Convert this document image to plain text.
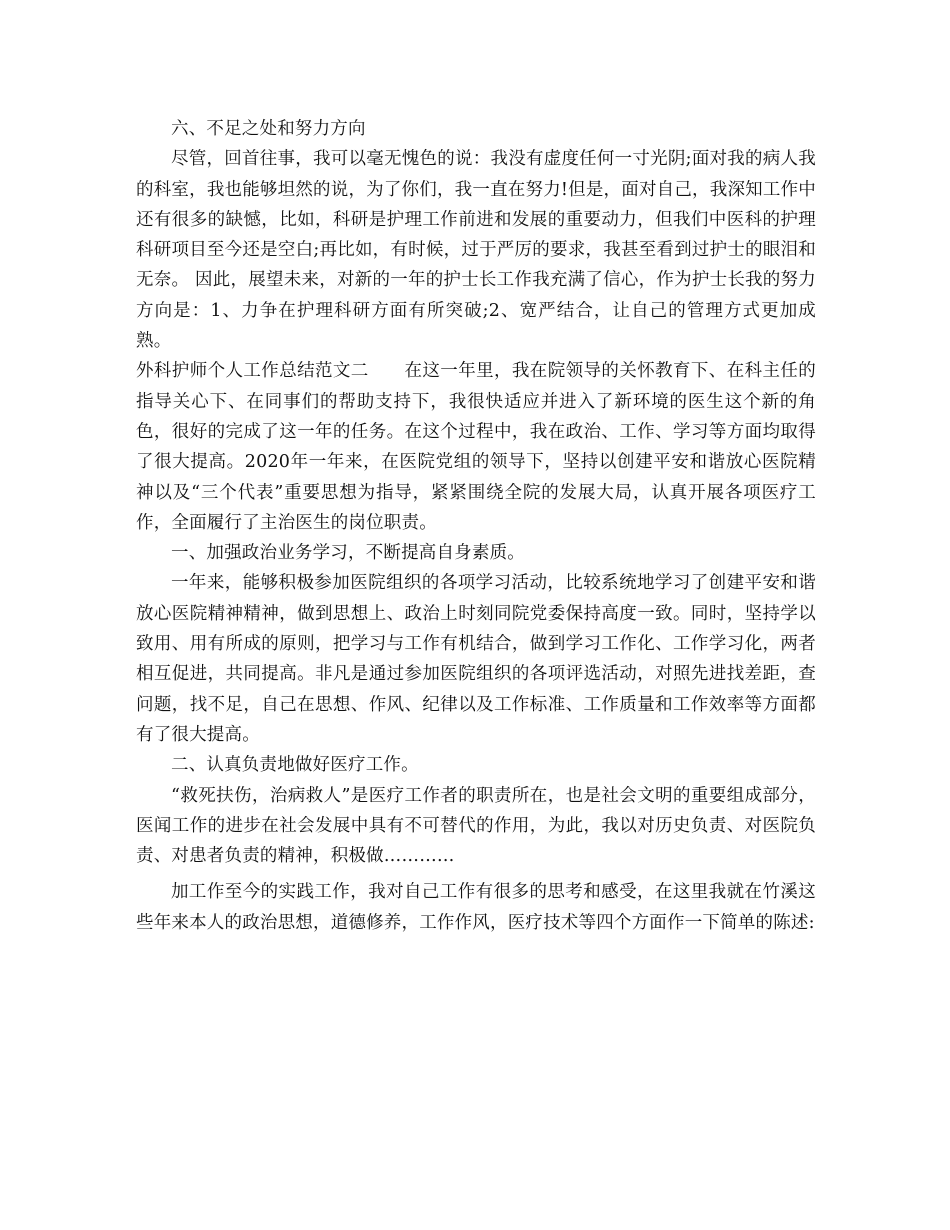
六、不足之处和努力方向

尽管，回首往事，我可以毫无愧色的说：我没有虚度任何一寸光阴;面对我的病人我的科室，我也能够坦然的说，为了你们，我一直在努力!但是，面对自己，我深知工作中还有很多的缺憾，比如，科研是护理工作前进和发展的重要动力，但我们中医科的护理科研项目至今还是空白;再比如，有时候，过于严厉的要求，我甚至看到过护士的眼泪和无奈。 因此，展望未来，对新的一年的护士长工作我充满了信心，作为护士长我的努力方向是：1、力争在护理科研方面有所突破;2、宽严结合，让自己的管理方式更加成熟。

外科护师个人工作总结范文二　　在这一年里，我在院领导的关怀教育下、在科主任的指导关心下、在同事们的帮助支持下，我很快适应并进入了新环境的医生这个新的角色，很好的完成了这一年的任务。在这个过程中，我在政治、工作、学习等方面均取得了很大提高。2020年一年来，在医院党组的领导下，坚持以创建平安和谐放心医院精神以及“三个代表”重要思想为指导，紧紧围绕全院的发展大局，认真开展各项医疗工作，全面履行了主治医生的岗位职责。

一、加强政治业务学习，不断提高自身素质。

一年来，能够积极参加医院组织的各项学习活动，比较系统地学习了创建平安和谐放心医院精神精神，做到思想上、政治上时刻同院党委保持高度一致。同时，坚持学以致用、用有所成的原则，把学习与工作有机结合，做到学习工作化、工作学习化，两者相互促进，共同提高。非凡是通过参加医院组织的各项评选活动，对照先进找差距，查问题，找不足，自己在思想、作风、纪律以及工作标准、工作质量和工作效率等方面都有了很大提高。

二、认真负责地做好医疗工作。

“救死扶伤，治病救人”是医疗工作者的职责所在，也是社会文明的重要组成部分，医闻工作的进步在社会发展中具有不可替代的作用，为此，我以对历史负责、对医院负责、对患者负责的精神，积极做…………

加工作至今的实践工作，我对自己工作有很多的思考和感受，在这里我就在竹溪这些年来本人的政治思想，道德修养，工作作风，医疗技术等四个方面作一下简单的陈述:
